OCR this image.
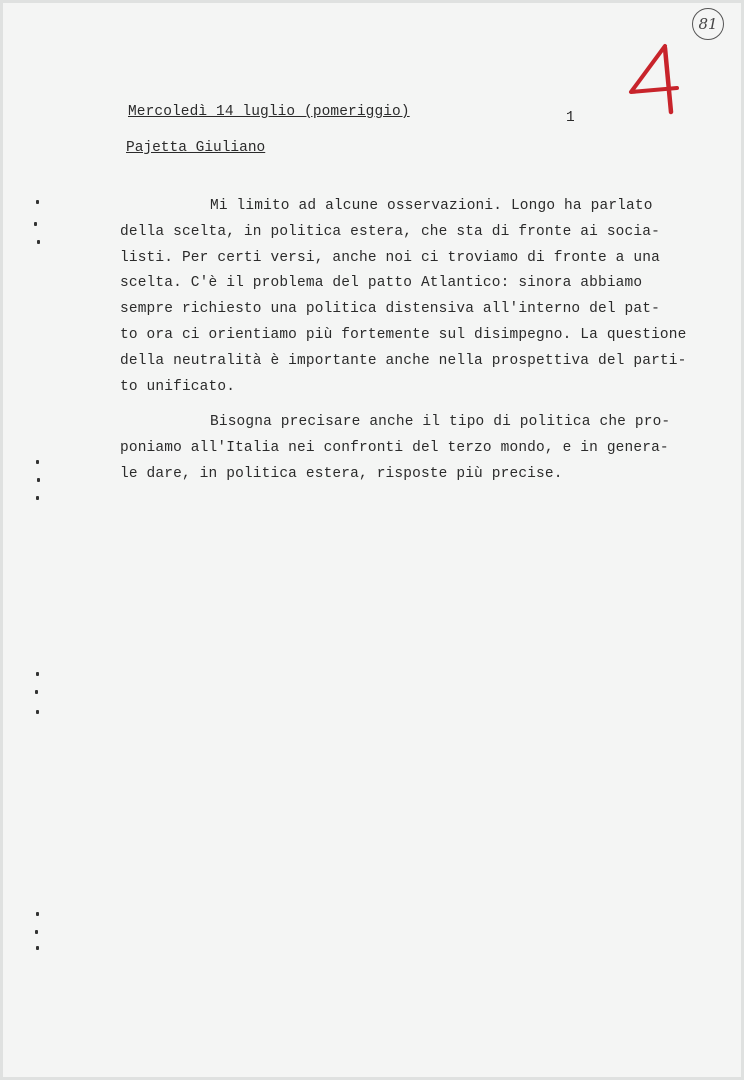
81
Mercoledì 14 luglio (pomeriggio)	1
Pajetta Giuliano
Mi limito ad alcune osservazioni. Longo ha parlato
della scelta, in politica estera, che sta di fronte ai socia-
listi. Per certi versi, anche noi ci troviamo di fronte a una
scelta. C'è il problema del patto Atlantico: sinora abbiamo
sempre richiesto una politica distensiva all'interno del pat-
to ora ci orientiamo più fortemente sul disimpegno. La questione
della neutralità è importante anche nella prospettiva del parti-
to unificato.
Bisogna precisare anche il tipo di politica che pro-
poniamo all'Italia nei confronti del terzo mondo, e in genera-
le dare, in politica estera, risposte più precise.
